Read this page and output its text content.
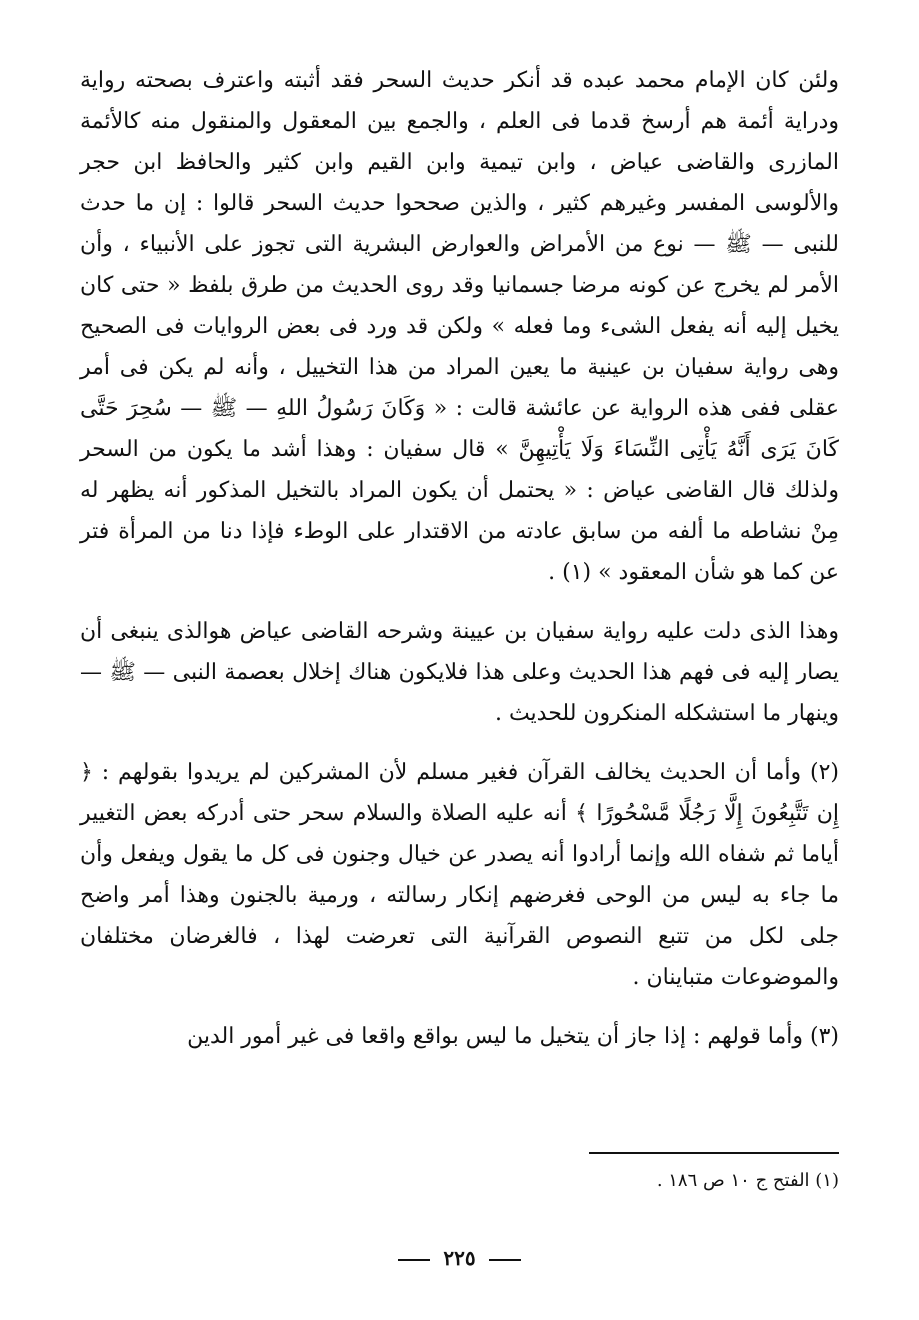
ولئن كان الإمام محمد عبده قد أنكر حديث السحر فقد أثبته واعترف بصحته رواية ودراية أئمة هم أرسخ قدما فى العلم ، والجمع بين المعقول والمنقول منه كالأئمة المازرى والقاضى عياض ، وابن تيمية وابن القيم وابن كثير والحافظ ابن حجر والألوسى المفسر وغيرهم كثير ، والذين صححوا حديث السحر قالوا : إن ما حدث للنبى — ﷺ — نوع من الأمراض والعوارض البشرية التى تجوز على الأنبياء ، وأن الأمر لم يخرج عن كونه مرضا جسمانيا وقد روى الحديث من طرق بلفظ « حتى كان يخيل إليه أنه يفعل الشىء وما فعله » ولكن قد ورد فى بعض الروايات فى الصحيح وهى رواية سفيان بن عينية ما يعين المراد من هذا التخييل ، وأنه لم يكن فى أمر عقلى ففى هذه الرواية عن عائشة قالت : « وَكَانَ رَسُولُ اللهِ — ﷺ — سُحِرَ حَتَّى كَانَ يَرَى أَنَّهُ يَأْتِى النِّسَاءَ وَلَا يَأْتِيهِنَّ » قال سفيان : وهذا أشد ما يكون من السحر ولذلك قال القاضى عياض : « يحتمل أن يكون المراد بالتخيل المذكور أنه يظهر له مِنْ نشاطه ما ألفه من سابق عادته من الاقتدار على الوطء فإذا دنا من المرأة فتر عن كما هو شأن المعقود » (١) .

وهذا الذى دلت عليه رواية سفيان بن عيينة وشرحه القاضى عياض هوالذى ينبغى أن يصار إليه فى فهم هذا الحديث وعلى هذا فلايكون هناك إخلال بعصمة النبى — ﷺ — وينهار ما استشكله المنكرون للحديث .

(٢) وأما أن الحديث يخالف القرآن فغير مسلم لأن المشركين لم يريدوا بقولهم : ﴿ إِن تَتَّبِعُونَ إِلَّا رَجُلًا مَّسْحُورًا ﴾ أنه عليه الصلاة والسلام سحر حتى أدركه بعض التغيير أياما ثم شفاه الله وإنما أرادوا أنه يصدر عن خيال وجنون فى كل ما يقول ويفعل وأن ما جاء به ليس من الوحى فغرضهم إنكار رسالته ، ورمية بالجنون وهذا أمر واضح جلى لكل من تتبع النصوص القرآنية التى تعرضت لهذا ، فالغرضان مختلفان والموضوعات متباينان .

(٣) وأما قولهم : إذا جاز أن يتخيل ما ليس بواقع واقعا فى غير أمور الدين

(١) الفتح ج ١٠ ص ١٨٦ .

٢٢٥
